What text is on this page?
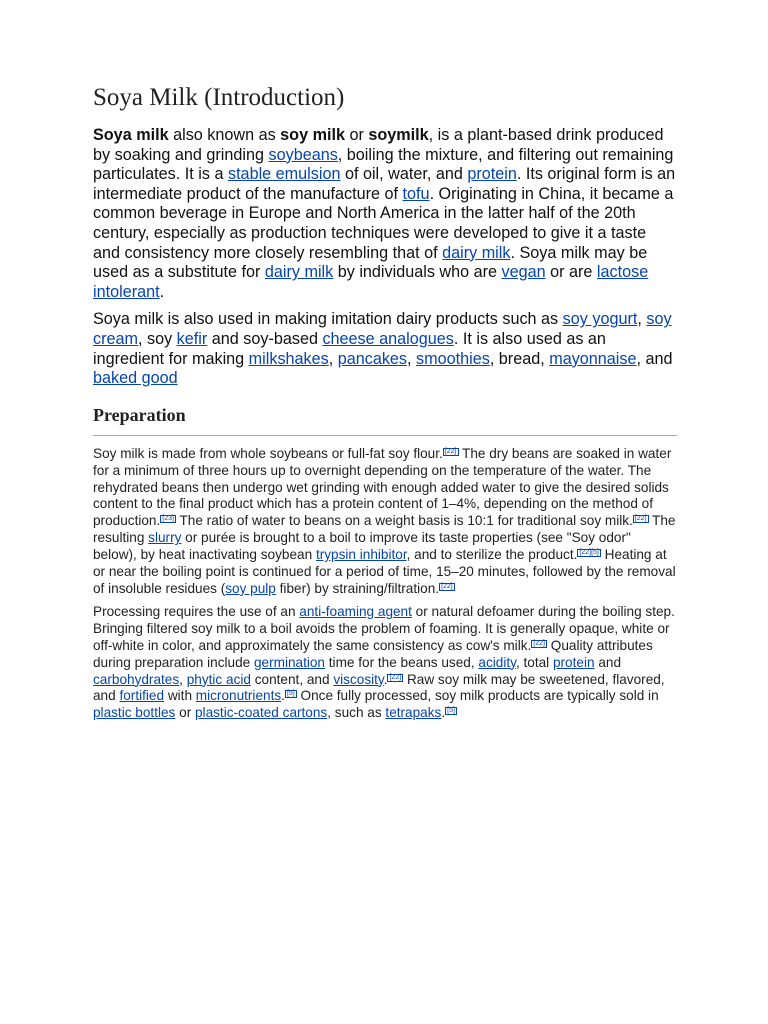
Soya Milk (Introduction)

Soya milk also known as soy milk or soymilk, is a plant-based drink produced by soaking and grinding soybeans, boiling the mixture, and filtering out remaining particulates. It is a stable emulsion of oil, water, and protein. Its original form is an intermediate product of the manufacture of tofu. Originating in China, it became a common beverage in Europe and North America in the latter half of the 20th century, especially as production techniques were developed to give it a taste and consistency more closely resembling that of dairy milk. Soya milk may be used as a substitute for dairy milk by individuals who are vegan or are lactose intolerant.

Soya milk is also used in making imitation dairy products such as soy yogurt, soy cream, soy kefir and soy-based cheese analogues. It is also used as an ingredient for making milkshakes, pancakes, smoothies, bread, mayonnaise, and baked good

Preparation

Soy milk is made from whole soybeans or full-fat soy flour. [22] The dry beans are soaked in water for a minimum of three hours up to overnight depending on the temperature of the water. The rehydrated beans then undergo wet grinding with enough added water to give the desired solids content to the final product which has a protein content of 1–4%, depending on the method of production. [23] The ratio of water to beans on a weight basis is 10:1 for traditional soy milk. [22] The resulting slurry or purée is brought to a boil to improve its taste properties (see "Soy odor" below), by heat inactivating soybean trypsin inhibitor, and to sterilize the product. [22][5] Heating at or near the boiling point is continued for a period of time, 15–20 minutes, followed by the removal of insoluble residues (soy pulp fiber) by straining/filtration. [22]

Processing requires the use of an anti-foaming agent or natural defoamer during the boiling step. Bringing filtered soy milk to a boil avoids the problem of foaming. It is generally opaque, white or off-white in color, and approximately the same consistency as cow's milk. [22] Quality attributes during preparation include germination time for the beans used, acidity, total protein and carbohydrates, phytic acid content, and viscosity. [22] Raw soy milk may be sweetened, flavored, and fortified with micronutrients. [5] Once fully processed, soy milk products are typically sold in plastic bottles or plastic-coated cartons, such as tetrapaks. [5]
